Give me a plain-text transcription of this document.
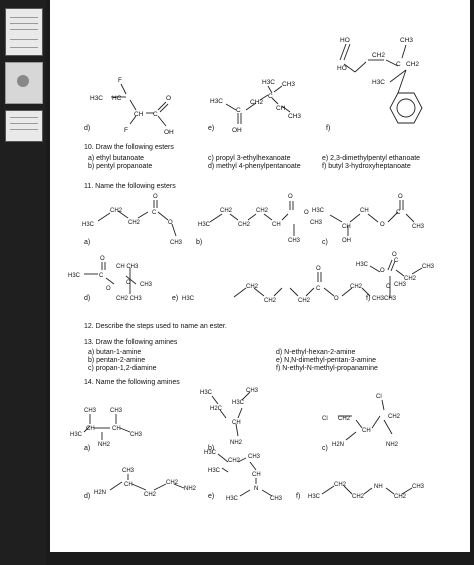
F
H3C HC
CH C
O
F	OH
H3C
C
H3C CH3
C
CH2
CH
CH3
OH
HO
HO
CH2
CH3
CH2
H3C
C
d)	e)	f)
10. Draw the following esters
a) ethyl butanoate
b) pentyl propanoate
c) propyl 3-ethylhexanoate
d) methyl 4-phenylpentanoate
e) 2,3-dimethylpentyl ethanoate
f) butyl 3-hydroxyheptanoate
11. Name the following esters
a)	b)	c)
d)	e)	f)
H3C
CH2
CH2
C
O
O
CH3
H3C
CH2
CH2
CH2
CH
O
O
CH3
CH3
H3C
CH
CH
O
C
O	CH3
OH
H3C	C
O
O
CH CH3
C CH3
CH2 CH3	H3C
CH2
CH2	CH2
C
O
O
CH2
CH3
H3C
O
C
O
CH2
CH3
C CH3
CH3
12. Describe the steps used to name an ester.
13. Draw the following amines
a) butan-1-amine
b) pentan-2-amine
c) propan-1,2-diamine
d) N-ethyl-hexan-2-amine
e) N,N-dimethyl-pentan-3-amine
f) N-ethyl-N-methyl-propanamine
14. Name the following amines
a)	b)	c)
d)	e)	f)
CH3 CH3
H3C
CH	CH
CH3
NH2
H3C	CH3
H2C
H3C
CH
NH2
Cl
Cl CH2
CH
H2N	NH2
CH2
CH3
H2N
CH
CH2
CH2
NH2
H3C
CH2
CH3
CH
N
H3C	CH3
H3C
H3C
CH2
CH2
NH
CH2
CH3
